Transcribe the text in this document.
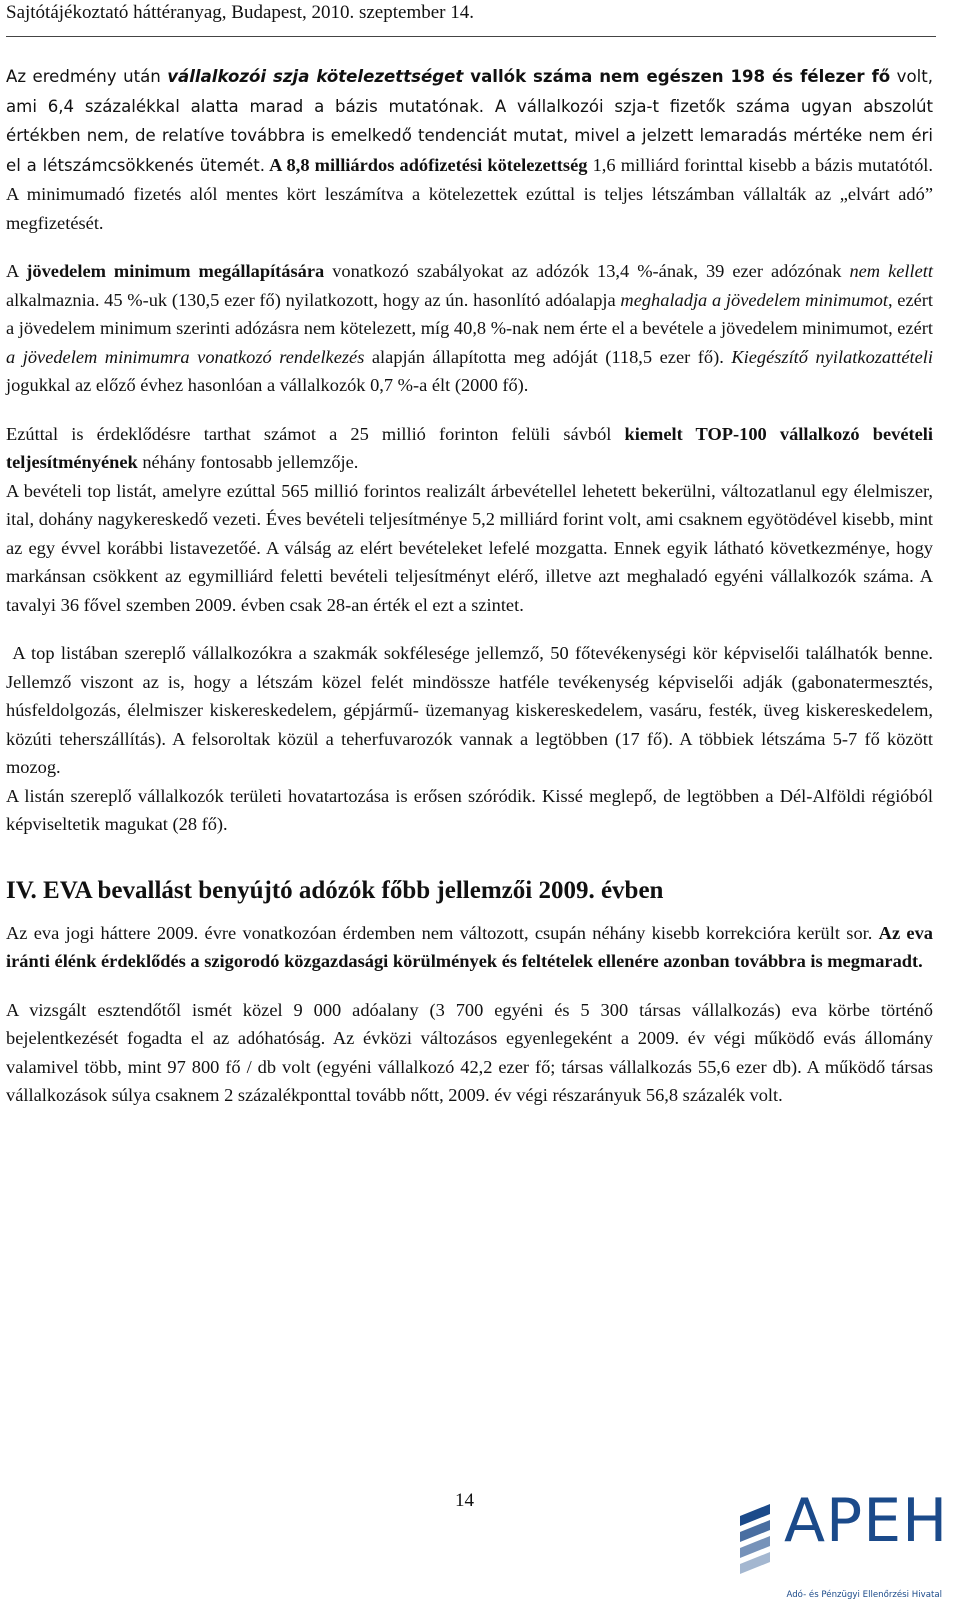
Sajtótájékoztató háttéranyag, Budapest, 2010. szeptember 14.

Az eredmény után vállalkozói szja kötelezettséget vallók száma nem egészen 198 és félezer fő volt, ami 6,4 százalékkal alatta marad a bázis mutatónak. A vállalkozói szja-t fizetők száma ugyan abszolút értékben nem, de relatíve továbbra is emelkedő tendenciát mutat, mivel a jelzett lemaradás mértéke nem éri el a létszámcsökkenés ütemét. A 8,8 milliárdos adófizetési kötelezettség 1,6 milliárd forinttal kisebb a bázis mutatótól. A minimumadó fizetés alól mentes kört leszámítva a kötelezettek ezúttal is teljes létszámban vállalták az „elvárt adó” megfizetését.

A jövedelem minimum megállapítására vonatkozó szabályokat az adózók 13,4 %-ának, 39 ezer adózónak nem kellett alkalmaznia. 45 %-uk (130,5 ezer fő) nyilatkozott, hogy az ún. hasonlító adóalapja meghaladja a jövedelem minimumot, ezért a jövedelem minimum szerinti adózásra nem kötelezett, míg 40,8 %-nak nem érte el a bevétele a jövedelem minimumot, ezért a jövedelem minimumra vonatkozó rendelkezés alapján állapította meg adóját (118,5 ezer fő). Kiegészítő nyilatkozattételi jogukkal az előző évhez hasonlóan a vállalkozók 0,7 %-a élt (2000 fő).

Ezúttal is érdeklődésre tarthat számot a 25 millió forinton felüli sávból kiemelt TOP-100 vállalkozó bevételi teljesítményének néhány fontosabb jellemzője.

A bevételi top listát, amelyre ezúttal 565 millió forintos realizált árbevétellel lehetett bekerülni, változatlanul egy élelmiszer, ital, dohány nagykereskedő vezeti. Éves bevételi teljesítménye 5,2 milliárd forint volt, ami csaknem egyötödével kisebb, mint az egy évvel korábbi listavezetőé. A válság az elért bevételeket lefelé mozgatta. Ennek egyik látható következménye, hogy markánsan csökkent az egymilliárd feletti bevételi teljesítményt elérő, illetve azt meghaladó egyéni vállalkozók száma. A tavalyi 36 fővel szemben 2009. évben csak 28-an érték el ezt a szintet.

A top listában szereplő vállalkozókra a szakmák sokfélesége jellemző, 50 főtevékenységi kör képviselői találhatók benne. Jellemző viszont az is, hogy a létszám közel felét mindössze hatféle tevékenység képviselői adják (gabonatermesztés, húsfeldolgozás, élelmiszer kiskereskedelem, gépjármű- üzemanyag kiskereskedelem, vasáru, festék, üveg kiskereskedelem, közúti teherszállítás). A felsoroltak közül a teherfuvarozók vannak a legtöbben (17 fő). A többiek létszáma 5-7 fő között mozog.

A listán szereplő vállalkozók területi hovatartozása is erősen szóródik. Kissé meglepő, de legtöbben a Dél-Alföldi régióból képviseltetik magukat (28 fő).

IV. EVA bevallást benyújtó adózók főbb jellemzői 2009. évben

Az eva jogi háttere 2009. évre vonatkozóan érdemben nem változott, csupán néhány kisebb korrekcióra került sor. Az eva iránti élénk érdeklődés a szigorodó közgazdasági körülmények és feltételek ellenére azonban továbbra is megmaradt.

A vizsgált esztendőtől ismét közel 9 000 adóalany (3 700 egyéni és 5 300 társas vállalkozás) eva körbe történő bejelentkezését fogadta el az adóhatóság. Az évközi változásos egyenlegeként a 2009. év végi működő evás állomány valamivel több, mint 97 800 fő / db volt (egyéni vállalkozó 42,2 ezer fő; társas vállalkozás 55,6 ezer db). A működő társas vállalkozások súlya csaknem 2 százalékponttal tovább nőtt, 2009. év végi részarányuk 56,8 százalék volt.

14	APEH
Adó- és Pénzügyi Ellenőrzési Hivatal
